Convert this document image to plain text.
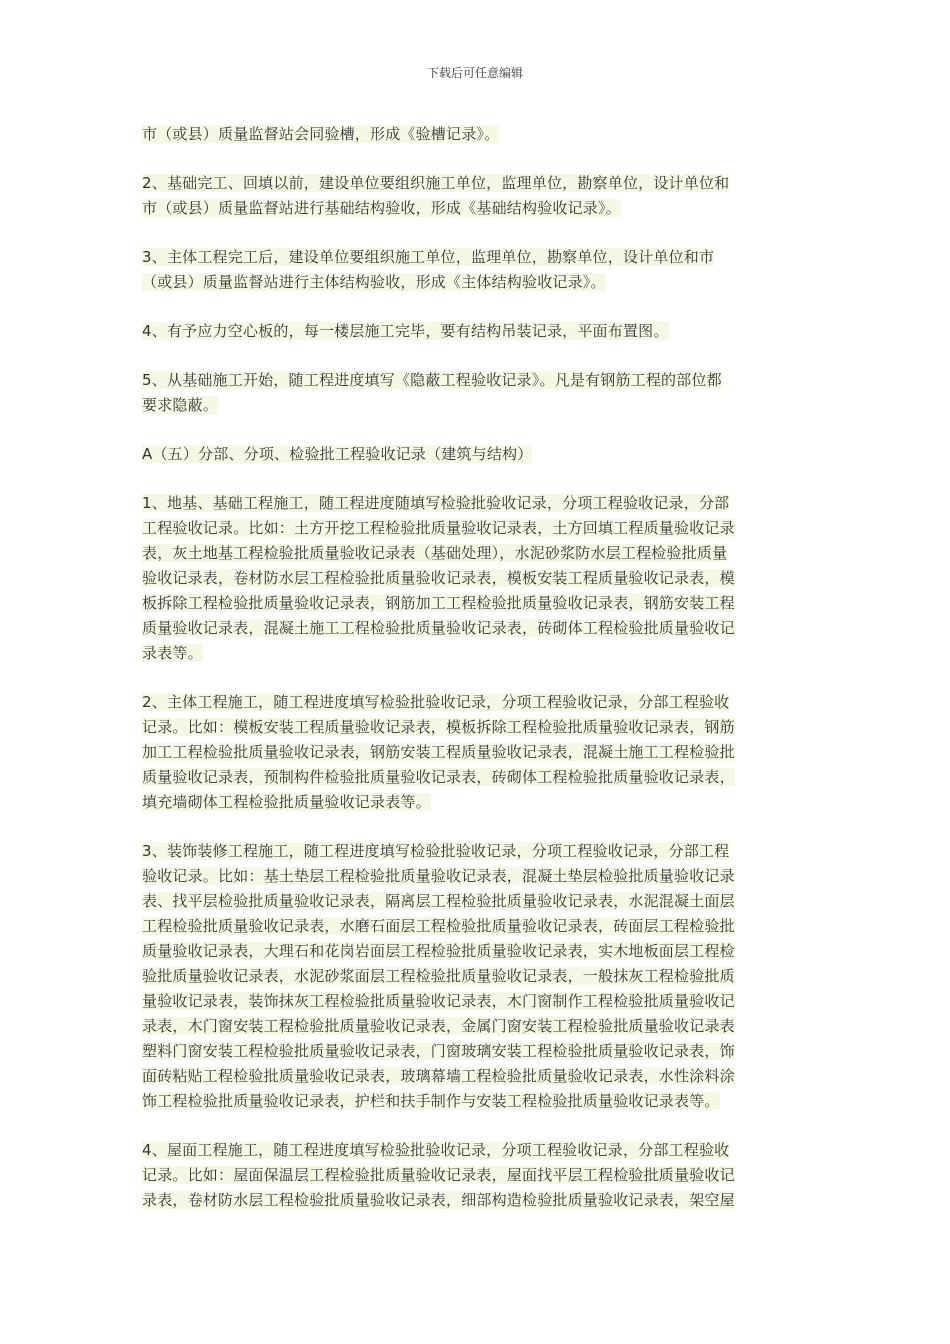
下载后可任意编辑
市（或县）质量监督站会同验槽，形成《验槽记录》。
2、基础完工、回填以前，建设单位要组织施工单位，监理单位，勘察单位，设计单位和
市（或县）质量监督站进行基础结构验收，形成《基础结构验收记录》。
3、主体工程完工后，建设单位要组织施工单位，监理单位，勘察单位，设计单位和市
（或县）质量监督站进行主体结构验收，形成《主体结构验收记录》。
4、有予应力空心板的，每一楼层施工完毕，要有结构吊装记录，平面布置图。
5、从基础施工开始，随工程进度填写《隐蔽工程验收记录》。凡是有钢筋工程的部位都
要求隐蔽。
A（五）分部、分项、检验批工程验收记录（建筑与结构）
1、地基、基础工程施工，随工程进度随填写检验批验收记录，分项工程验收记录，分部
工程验收记录。比如：土方开挖工程检验批质量验收记录表，土方回填工程质量验收记录
表，灰土地基工程检验批质量验收记录表（基础处理），水泥砂浆防水层工程检验批质量
验收记录表，卷材防水层工程检验批质量验收记录表，模板安装工程质量验收记录表，模
板拆除工程检验批质量验收记录表，钢筋加工工程检验批质量验收记录表，钢筋安装工程
质量验收记录表，混凝土施工工程检验批质量验收记录表，砖砌体工程检验批质量验收记
录表等。
2、主体工程施工，随工程进度填写检验批验收记录，分项工程验收记录，分部工程验收
记录。比如：模板安装工程质量验收记录表，模板拆除工程检验批质量验收记录表，钢筋
加工工程检验批质量验收记录表，钢筋安装工程质量验收记录表，混凝土施工工程检验批
质量验收记录表，预制构件检验批质量验收记录表，砖砌体工程检验批质量验收记录表，
填充墙砌体工程检验批质量验收记录表等。
3、装饰装修工程施工，随工程进度填写检验批验收记录，分项工程验收记录，分部工程
验收记录。比如：基土垫层工程检验批质量验收记录表，混凝土垫层检验批质量验收记录
表、找平层检验批质量验收记录表，隔离层工程检验批质量验收记录表，水泥混凝土面层
工程检验批质量验收记录表，水磨石面层工程检验批质量验收记录表，砖面层工程检验批
质量验收记录表，大理石和花岗岩面层工程检验批质量验收记录表，实木地板面层工程检
验批质量验收记录表，水泥砂浆面层工程检验批质量验收记录表，一般抹灰工程检验批质
量验收记录表，装饰抹灰工程检验批质量验收记录表，木门窗制作工程检验批质量验收记
录表，木门窗安装工程检验批质量验收记录表，金属门窗安装工程检验批质量验收记录表
塑料门窗安装工程检验批质量验收记录表，门窗玻璃安装工程检验批质量验收记录表，饰
面砖粘贴工程检验批质量验收记录表，玻璃幕墙工程检验批质量验收记录表，水性涂料涂
饰工程检验批质量验收记录表，护栏和扶手制作与安装工程检验批质量验收记录表等。
4、屋面工程施工，随工程进度填写检验批验收记录，分项工程验收记录，分部工程验收
记录。比如：屋面保温层工程检验批质量验收记录表，屋面找平层工程检验批质量验收记
录表，卷材防水层工程检验批质量验收记录表，细部构造检验批质量验收记录表，架空屋
